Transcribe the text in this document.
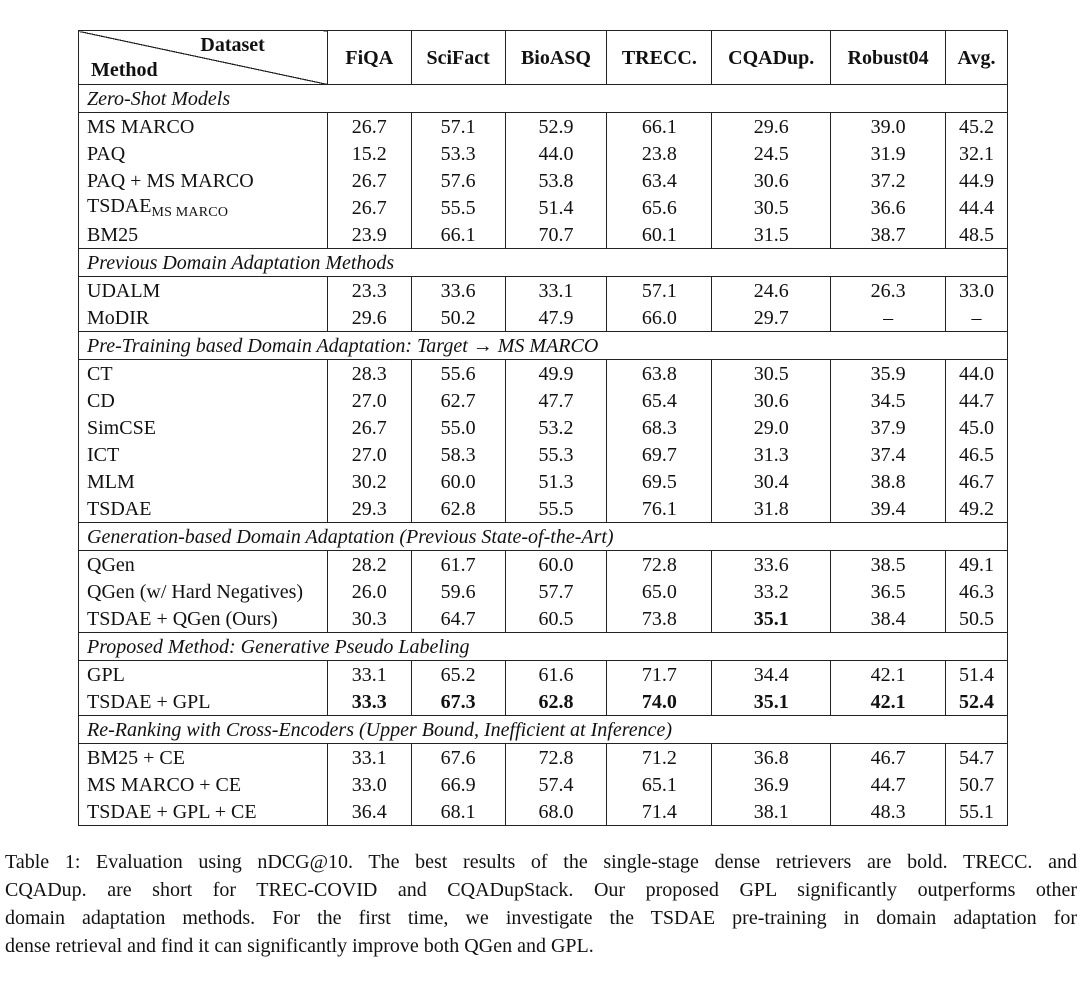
Dataset
Method	FiQA	SciFact	BioASQ	TRECC.	CQADup.	Robust04	Avg.
Zero-Shot Models							
MS MARCO	26.7	57.1	52.9	66.1	29.6	39.0	45.2
PAQ	15.2	53.3	44.0	23.8	24.5	31.9	32.1
PAQ + MS MARCO	26.7	57.6	53.8	63.4	30.6	37.2	44.9
$TSDAE_{MS MARCO}$	26.7	55.5	51.4	65.6	30.5	36.6	44.4
BM25	23.9	66.1	70.7	60.1	31.5	38.7	48.5
Previous Domain Adaptation Methods							
UDALM	23.3	33.6	33.1	57.1	24.6	26.3	33.0
MoDIR	29.6	50.2	47.9	66.0	29.7	–	–
Pre-Training based Domain Adaptation: Target → MS MARCO							
CT	28.3	55.6	49.9	63.8	30.5	35.9	44.0
CD	27.0	62.7	47.7	65.4	30.6	34.5	44.7
SimCSE	26.7	55.0	53.2	68.3	29.0	37.9	45.0
ICT	27.0	58.3	55.3	69.7	31.3	37.4	46.5
MLM	30.2	60.0	51.3	69.5	30.4	38.8	46.7
TSDAE	29.3	62.8	55.5	76.1	31.8	39.4	49.2
Generation-based Domain Adaptation (Previous State-of-the-Art)							
QGen	28.2	61.7	60.0	72.8	33.6	38.5	49.1
QGen (w/ Hard Negatives)	26.0	59.6	57.7	65.0	33.2	36.5	46.3
TSDAE + QGen (Ours)	30.3	64.7	60.5	73.8	35.1	38.4	50.5
Proposed Method: Generative Pseudo Labeling							
GPL	33.1	65.2	61.6	71.7	34.4	42.1	51.4
TSDAE + GPL	33.3	67.3	62.8	74.0	35.1	42.1	52.4
Re-Ranking with Cross-Encoders (Upper Bound, Inefficient at Inference)							
BM25 + CE	33.1	67.6	72.8	71.2	36.8	46.7	54.7
MS MARCO + CE	33.0	66.9	57.4	65.1	36.9	44.7	50.7
TSDAE + GPL + CE	36.4	68.1	68.0	71.4	38.1	48.3	55.1
Table 1: Evaluation using nDCG@10. The best results of the single-stage dense retrievers are bold. TRECC. and
CQADup. are short for TREC-COVID and CQADupStack. Our proposed GPL significantly outperforms other
domain adaptation methods. For the first time, we investigate the TSDAE pre-training in domain adaptation for
dense retrieval and find it can significantly improve both QGen and GPL.
